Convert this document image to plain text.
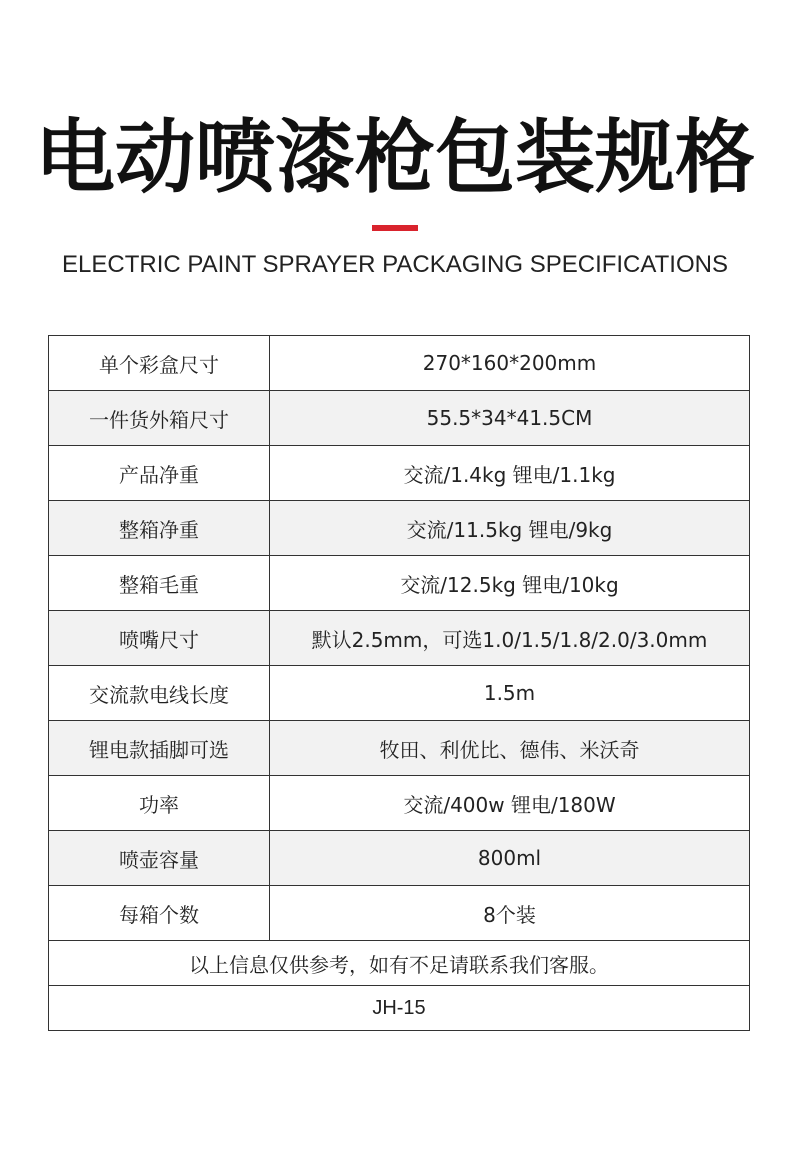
电动喷漆枪包装规格
ELECTRIC PAINT SPRAYER PACKAGING SPECIFICATIONS
单个彩盒尺寸	270*160*200mm
一件货外箱尺寸	55.5*34*41.5CM
产品净重	交流/1.4kg 锂电/1.1kg
整箱净重	交流/11.5kg 锂电/9kg
整箱毛重	交流/12.5kg 锂电/10kg
喷嘴尺寸	默认2.5mm，可选1.0/1.5/1.8/2.0/3.0mm
交流款电线长度	1.5m
锂电款插脚可选	牧田、利优比、德伟、米沃奇
功率	交流/400w 锂电/180W
喷壶容量	800ml
每箱个数	8个装
以上信息仅供参考，如有不足请联系我们客服。	
JH-15	
